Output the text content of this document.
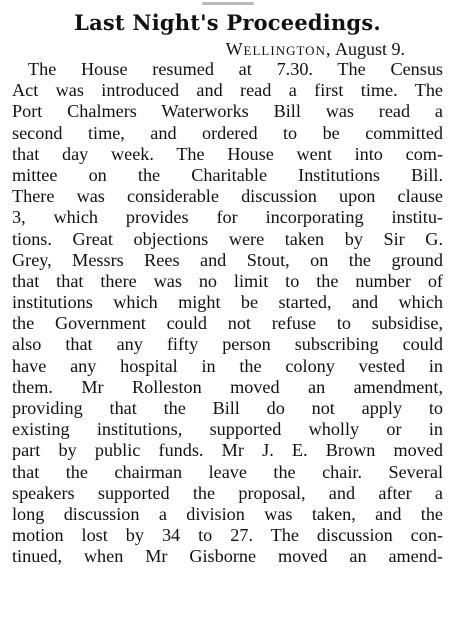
Last Night's Proceedings.
Wellington, August 9.
The House resumed at 7.30. The Census
Act was introduced and read a first time. The
Port Chalmers Waterworks Bill was read a
second time, and ordered to be committed
that day week. The House went into com-
mittee on the Charitable Institutions Bill.
There was considerable discussion upon clause
3, which provides for incorporating institu-
tions. Great objections were taken by Sir G.
Grey, Messrs Rees and Stout, on the ground
that that there was no limit to the number of
institutions which might be started, and which
the Government could not refuse to subsidise,
also that any fifty person subscribing could
have any hospital in the colony vested in
them. Mr Rolleston moved an amendment,
providing that the Bill do not apply to
existing institutions, supported wholly or in
part by public funds. Mr J. E. Brown moved
that the chairman leave the chair. Several
speakers supported the proposal, and after a
long discussion a division was taken, and the
motion lost by 34 to 27. The discussion con-
tinued, when Mr Gisborne moved an amend-
